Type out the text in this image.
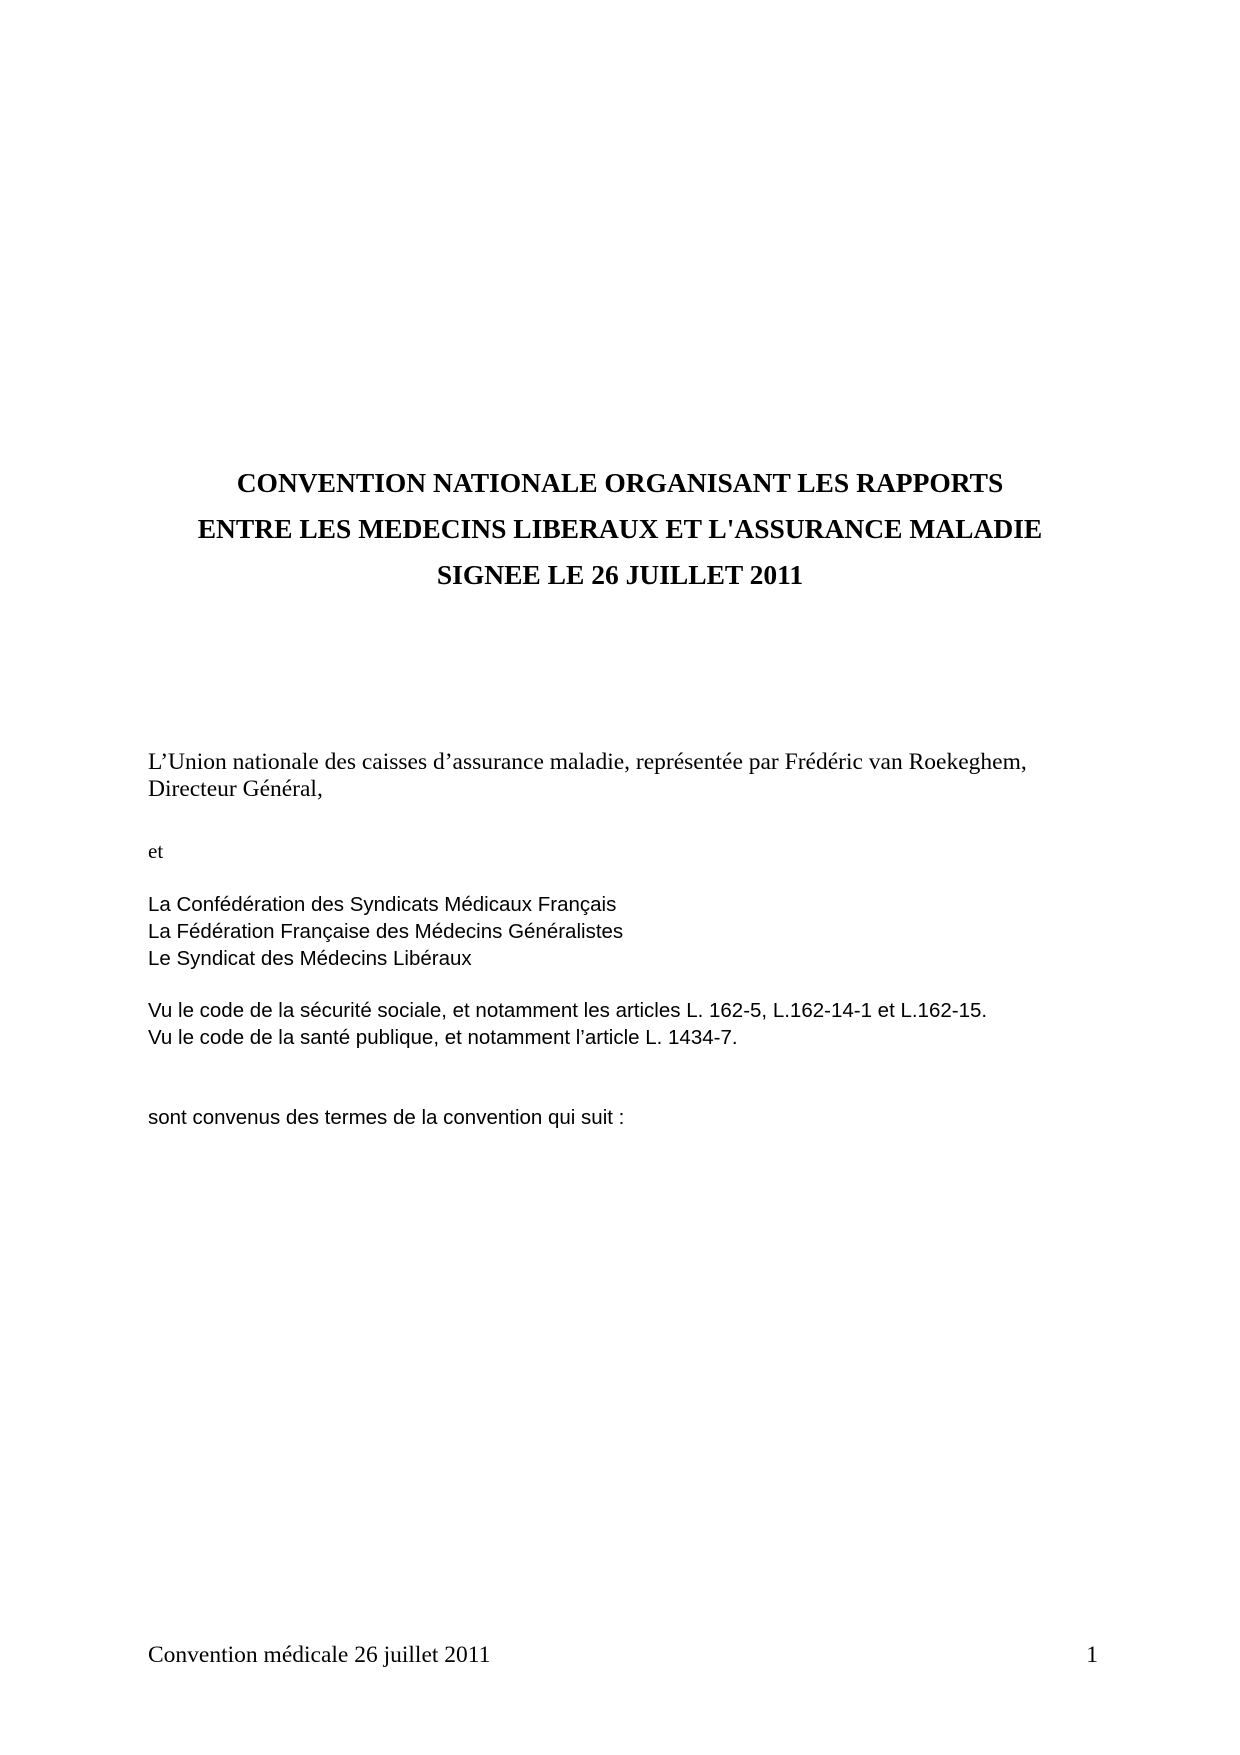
CONVENTION NATIONALE ORGANISANT LES RAPPORTS
ENTRE LES MEDECINS LIBERAUX ET L'ASSURANCE MALADIE
SIGNEE LE 26 JUILLET 2011
L’Union nationale des caisses d’assurance maladie, représentée par Frédéric van Roekeghem,
Directeur Général,
et
La Confédération des Syndicats Médicaux Français
La Fédération Française des Médecins Généralistes
Le Syndicat des Médecins Libéraux
Vu le code de la sécurité sociale, et notamment les articles L. 162-5, L.162-14-1 et L.162-15.
Vu le code de la santé publique, et notamment l’article L. 1434-7.
sont convenus des termes de la convention qui suit :
Convention médicale 26 juillet 2011	1
